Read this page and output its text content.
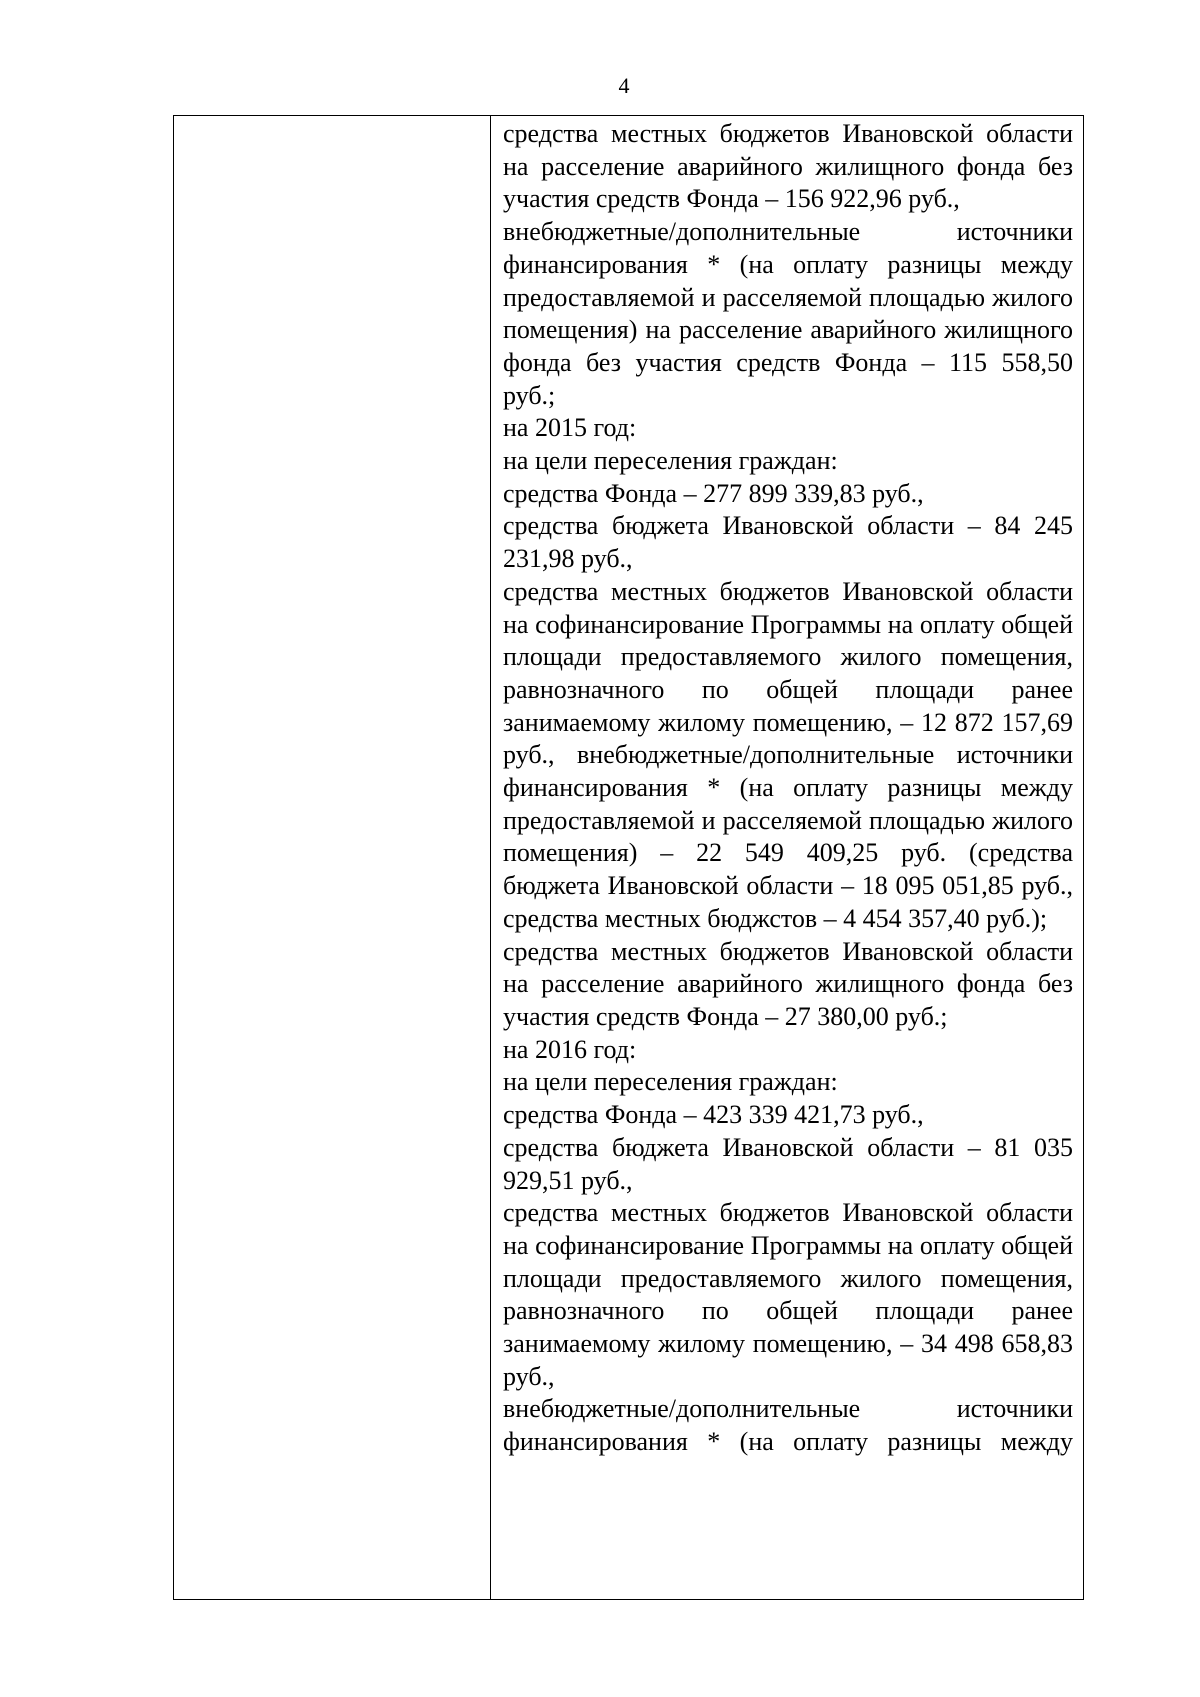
4

средства местных бюджетов Ивановской области на расселение аварийного жилищного фонда без участия средств Фонда – 156 922,96 руб.,

внебюджетные/дополнительные источники финансирования * (на оплату разницы между предоставляемой и расселяемой площадью жилого помещения) на расселение аварийного жилищного фонда без участия средств Фонда – 115 558,50 руб.;

на 2015 год:

на цели переселения граждан:

средства Фонда – 277 899 339,83 руб.,

средства бюджета Ивановской области – 84 245 231,98 руб.,

средства местных бюджетов Ивановской области на софинансирование Программы на оплату общей площади предоставляемого жилого помещения, равнозначного по общей площади ранее занимаемому жилому помещению, – 12 872 157,69 руб., внебюджетные/дополнительные источники финансирования * (на оплату разницы между предоставляемой и расселяемой площадью жилого помещения) – 22 549 409,25 руб. (средства бюджета Ивановской области – 18 095 051,85 руб., средства местных бюджстов – 4 454 357,40 руб.);

средства местных бюджетов Ивановской области на расселение аварийного жилищного фонда без участия средств Фонда – 27 380,00 руб.;

на 2016 год:

на цели переселения граждан:

средства Фонда – 423 339 421,73 руб.,

средства бюджета Ивановской области – 81 035 929,51 руб.,

средства местных бюджетов Ивановской области на софинансирование Программы на оплату общей площади предоставляемого жилого помещения, равнозначного по общей площади ранее занимаемому жилому помещению, – 34 498 658,83 руб.,

внебюджетные/дополнительные источники финансирования * (на оплату разницы между
